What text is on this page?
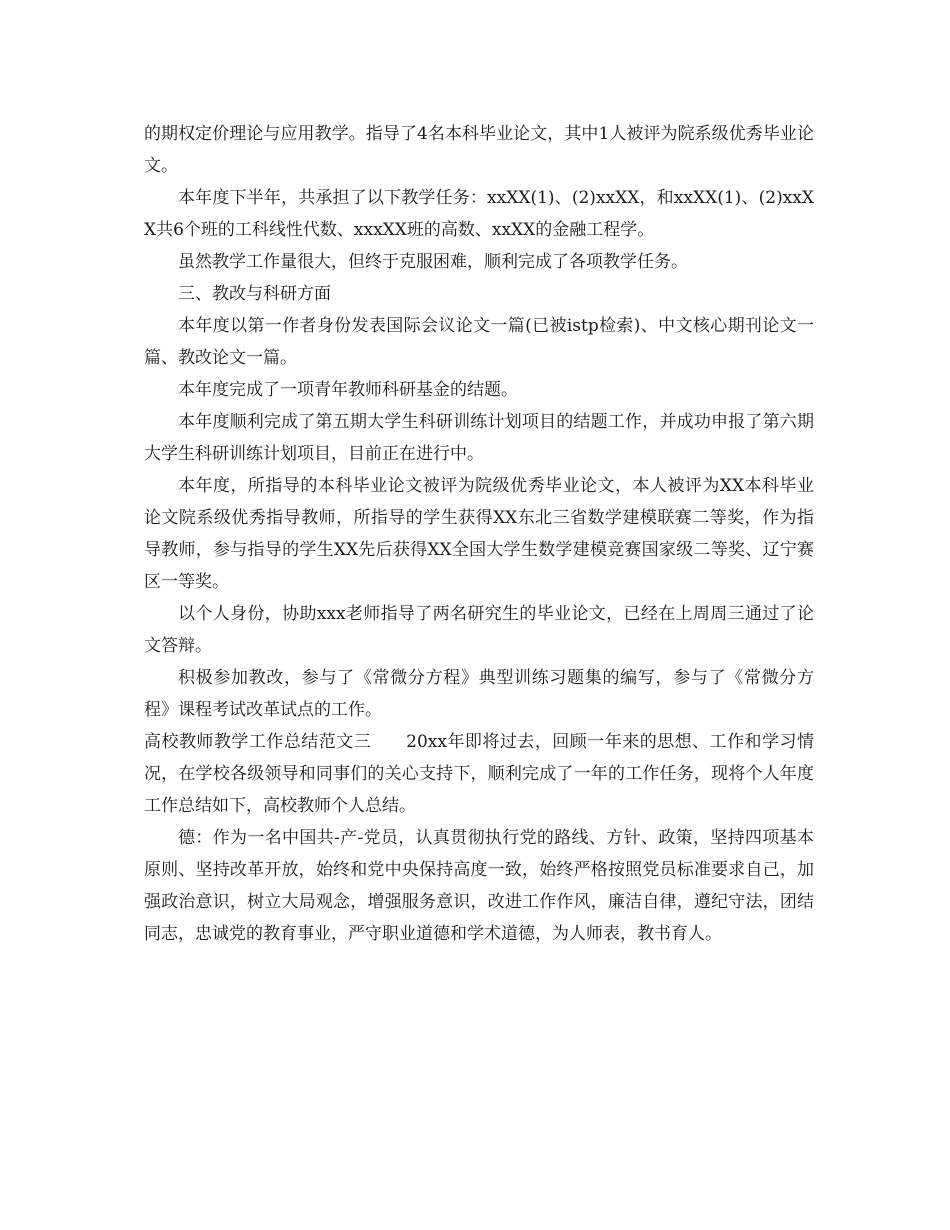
的期权定价理论与应用教学。指导了4名本科毕业论文，其中1人被评为院系级优秀毕业论文。

本年度下半年，共承担了以下教学任务：xxXX(1)、(2)xxXX，和xxXX(1)、(2)xxXX共6个班的工科线性代数、xxxXX班的高数、xxXX的金融工程学。

虽然教学工作量很大，但终于克服困难，顺利完成了各项教学任务。

三、教改与科研方面

本年度以第一作者身份发表国际会议论文一篇(已被istp检索)、中文核心期刊论文一篇、教改论文一篇。

本年度完成了一项青年教师科研基金的结题。

本年度顺利完成了第五期大学生科研训练计划项目的结题工作，并成功申报了第六期大学生科研训练计划项目，目前正在进行中。

本年度，所指导的本科毕业论文被评为院级优秀毕业论文，本人被评为XX本科毕业论文院系级优秀指导教师，所指导的学生获得XX东北三省数学建模联赛二等奖，作为指导教师，参与指导的学生XX先后获得XX全国大学生数学建模竞赛国家级二等奖、辽宁赛区一等奖。

以个人身份，协助xxx老师指导了两名研究生的毕业论文，已经在上周周三通过了论文答辩。

积极参加教改，参与了《常微分方程》典型训练习题集的编写，参与了《常微分方程》课程考试改革试点的工作。

高校教师教学工作总结范文三　　20xx年即将过去，回顾一年来的思想、工作和学习情况，在学校各级领导和同事们的关心支持下，顺利完成了一年的工作任务，现将个人年度工作总结如下，高校教师个人总结。

德：作为一名中国共-产-党员，认真贯彻执行党的路线、方针、政策，坚持四项基本原则、坚持改革开放，始终和党中央保持高度一致，始终严格按照党员标准要求自己，加强政治意识，树立大局观念，增强服务意识，改进工作作风，廉洁自律，遵纪守法，团结同志，忠诚党的教育事业，严守职业道德和学术道德，为人师表，教书育人。
